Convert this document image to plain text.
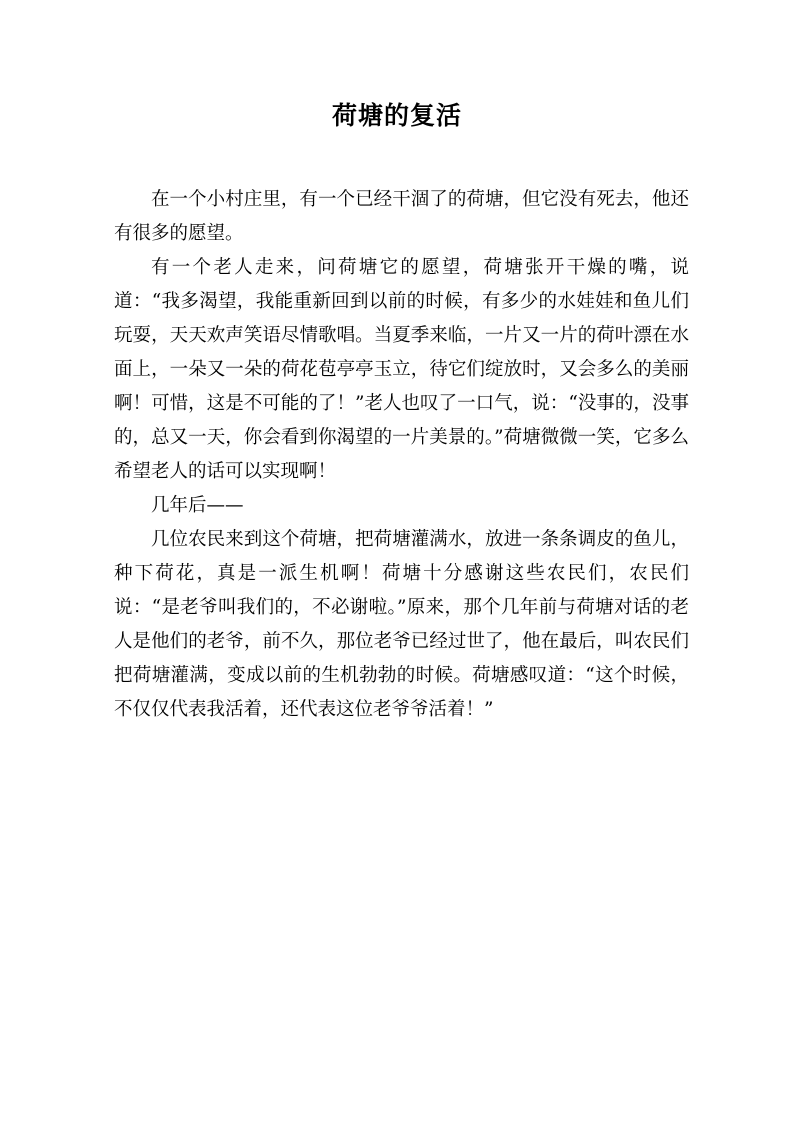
荷塘的复活

在一个小村庄里，有一个已经干涸了的荷塘，但它没有死去，他还有很多的愿望。

有一个老人走来，问荷塘它的愿望，荷塘张开干燥的嘴，说道：“我多渴望，我能重新回到以前的时候，有多少的水娃娃和鱼儿们玩耍，天天欢声笑语尽情歌唱。当夏季来临，一片又一片的荷叶漂在水面上，一朵又一朵的荷花苞亭亭玉立，待它们绽放时，又会多么的美丽啊！可惜，这是不可能的了！”老人也叹了一口气，说：“没事的，没事的，总又一天，你会看到你渴望的一片美景的。”荷塘微微一笑，它多么希望老人的话可以实现啊！

几年后——

几位农民来到这个荷塘，把荷塘灌满水，放进一条条调皮的鱼儿，种下荷花，真是一派生机啊！荷塘十分感谢这些农民们，农民们说：“是老爷叫我们的，不必谢啦。”原来，那个几年前与荷塘对话的老人是他们的老爷，前不久，那位老爷已经过世了，他在最后，叫农民们把荷塘灌满，变成以前的生机勃勃的时候。荷塘感叹道：“这个时候，不仅仅代表我活着，还代表这位老爷爷活着！”
